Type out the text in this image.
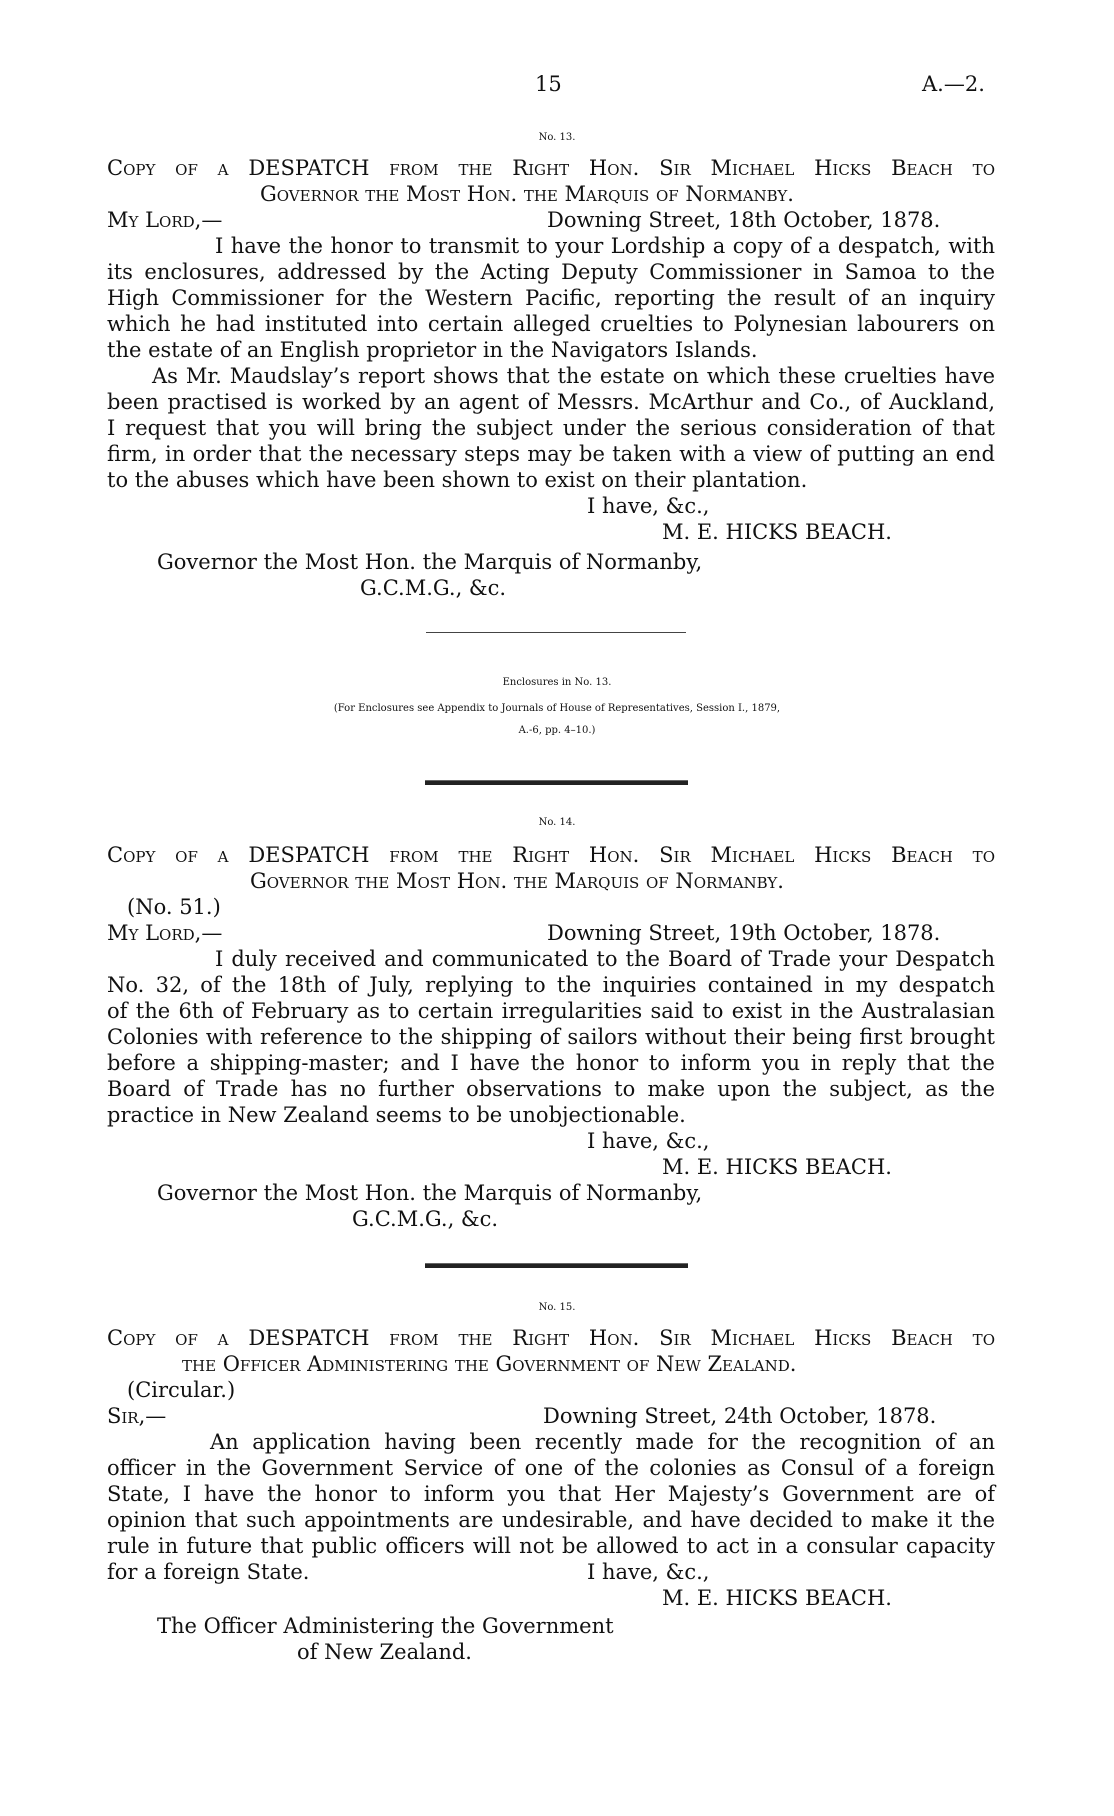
15	A.—2.
No. 13.
Copy of a DESPATCH from the Right Hon. Sir Michael Hicks Beach to
Governor the Most Hon. the Marquis of Normanby.
My Lord,—	Downing Street, 18th October, 1878.
I have the honor to transmit to your Lordship a copy of a despatch, with
its enclosures, addressed by the Acting Deputy Commissioner in Samoa to the
High Commissioner for the Western Pacific, reporting the result of an inquiry
which he had instituted into certain alleged cruelties to Polynesian labourers on
the estate of an English proprietor in the Navigators Islands.
As Mr. Maudslay’s report shows that the estate on which these cruelties have
been practised is worked by an agent of Messrs. McArthur and Co., of Auckland,
I request that you will bring the subject under the serious consideration of that
firm, in order that the necessary steps may be taken with a view of putting an end
to the abuses which have been shown to exist on their plantation.
I have, &c.,
M. E. HICKS BEACH.
Governor the Most Hon. the Marquis of Normanby,
G.C.M.G., &c.
Enclosures in No. 13.
(For Enclosures see Appendix to Journals of House of Representatives, Session I., 1879,
A.-6, pp. 4–10.)
No. 14.
Copy of a DESPATCH from the Right Hon. Sir Michael Hicks Beach to
Governor the Most Hon. the Marquis of Normanby.
(No. 51.)
My Lord,—	Downing Street, 19th October, 1878.
I duly received and communicated to the Board of Trade your Despatch
No. 32, of the 18th of July, replying to the inquiries contained in my despatch
of the 6th of February as to certain irregularities said to exist in the Australasian
Colonies with reference to the shipping of sailors without their being first brought
before a shipping-master; and I have the honor to inform you in reply that the
Board of Trade has no further observations to make upon the subject, as the
practice in New Zealand seems to be unobjectionable.
I have, &c.,
M. E. HICKS BEACH.
Governor the Most Hon. the Marquis of Normanby,
G.C.M.G., &c.
No. 15.
Copy of a DESPATCH from the Right Hon. Sir Michael Hicks Beach to
the Officer Administering the Government of New Zealand.
(Circular.)
Sir,—	Downing Street, 24th October, 1878.
An application having been recently made for the recognition of an
officer in the Government Service of one of the colonies as Consul of a foreign
State, I have the honor to inform you that Her Majesty’s Government are of
opinion that such appointments are undesirable, and have decided to make it the
rule in future that public officers will not be allowed to act in a consular capacity
for a foreign State.	I have, &c.,
M. E. HICKS BEACH.
The Officer Administering the Government
of New Zealand.
